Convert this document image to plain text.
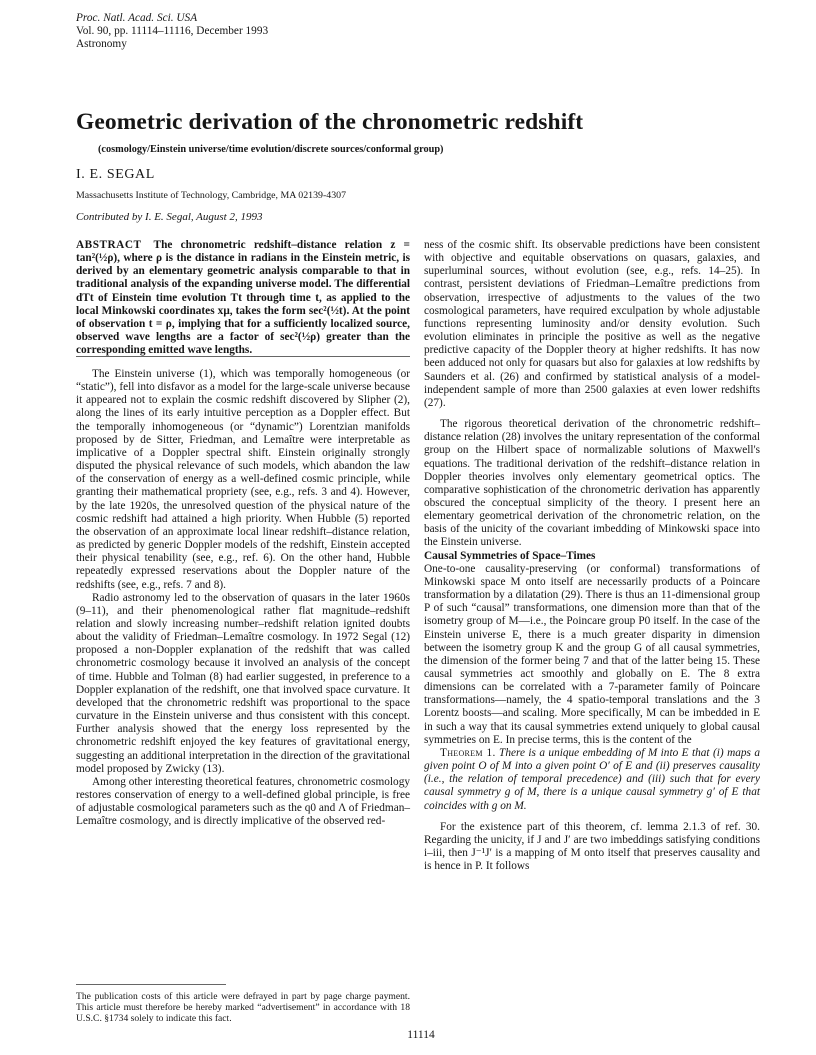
Proc. Natl. Acad. Sci. USA
Vol. 90, pp. 11114–11116, December 1993
Astronomy
Geometric derivation of the chronometric redshift
(cosmology/Einstein universe/time evolution/discrete sources/conformal group)
I. E. SEGAL
Massachusetts Institute of Technology, Cambridge, MA 02139-4307
Contributed by I. E. Segal, August 2, 1993

ABSTRACT The chronometric redshift–distance relation z = tan²(½ρ), where ρ is the distance in radians in the Einstein metric, is derived by an elementary geometric analysis comparable to that in traditional analysis of the expanding universe model. The differential dTt of Einstein time evolution Tt through time t, as applied to the local Minkowski coordinates xμ, takes the form sec²(½t). At the point of observation t = ρ, implying that for a sufficiently localized source, observed wave lengths are a factor of sec²(½ρ) greater than the corresponding emitted wave lengths.

The Einstein universe (1), which was temporally homogeneous (or “static”), fell into disfavor as a model for the large-scale universe because it appeared not to explain the cosmic redshift discovered by Slipher (2), along the lines of its early intuitive perception as a Doppler effect. But the temporally inhomogeneous (or “dynamic”) Lorentzian manifolds proposed by de Sitter, Friedman, and Lemaître were interpretable as implicative of a Doppler spectral shift. Einstein originally strongly disputed the physical relevance of such models, which abandon the law of the conservation of energy as a well-defined cosmic principle, while granting their mathematical propriety (see, e.g., refs. 3 and 4). However, by the late 1920s, the unresolved question of the physical nature of the cosmic redshift had attained a high priority. When Hubble (5) reported the observation of an approximate local linear redshift–distance relation, as predicted by generic Doppler models of the redshift, Einstein accepted their physical tenability (see, e.g., ref. 6). On the other hand, Hubble repeatedly expressed reservations about the Doppler nature of the redshifts (see, e.g., refs. 7 and 8).

Radio astronomy led to the observation of quasars in the later 1960s (9–11), and their phenomenological rather flat magnitude–redshift relation and slowly increasing number–redshift relation ignited doubts about the validity of Friedman–Lemaître cosmology. In 1972 Segal (12) proposed a non-Doppler explanation of the redshift that was called chronometric cosmology because it involved an analysis of the concept of time. Hubble and Tolman (8) had earlier suggested, in preference to a Doppler explanation of the redshift, one that involved space curvature. It developed that the chronometric redshift was proportional to the space curvature in the Einstein universe and thus consistent with this concept. Further analysis showed that the energy loss represented by the chronometric redshift enjoyed the key features of gravitational energy, suggesting an additional interpretation in the direction of the gravitational model proposed by Zwicky (13).

Among other interesting theoretical features, chronometric cosmology restores conservation of energy to a well-defined global principle, is free of adjustable cosmological parameters such as the q0 and Λ of Friedman–Lemaître cosmology, and is directly implicative of the observed red-

ness of the cosmic shift. Its observable predictions have been consistent with objective and equitable observations on quasars, galaxies, and superluminal sources, without evolution (see, e.g., refs. 14–25). In contrast, persistent deviations of Friedman–Lemaître predictions from observation, irrespective of adjustments to the values of the two cosmological parameters, have required exculpation by whole adjustable functions representing luminosity and/or density evolution. Such evolution eliminates in principle the positive as well as the negative predictive capacity of the Doppler theory at higher redshifts. It has now been adduced not only for quasars but also for galaxies at low redshifts by Saunders et al. (26) and confirmed by statistical analysis of a model-independent sample of more than 2500 galaxies at even lower redshifts (27).

The rigorous theoretical derivation of the chronometric redshift–distance relation (28) involves the unitary representation of the conformal group on the Hilbert space of normalizable solutions of Maxwell's equations. The traditional derivation of the redshift–distance relation in Doppler theories involves only elementary geometrical optics. The comparative sophistication of the chronometric derivation has apparently obscured the conceptual simplicity of the theory. I present here an elementary geometrical derivation of the chronometric relation, on the basis of the unicity of the covariant imbedding of Minkowski space into the Einstein universe.

Causal Symmetries of Space–Times

One-to-one causality-preserving (or conformal) transformations of Minkowski space M onto itself are necessarily products of a Poincare transformation by a dilatation (29). There is thus an 11-dimensional group P of such “causal” transformations, one dimension more than that of the isometry group of M—i.e., the Poincare group P0 itself. In the case of the Einstein universe E, there is a much greater disparity in dimension between the isometry group K and the group G of all causal symmetries, the dimension of the former being 7 and that of the latter being 15. These causal symmetries act smoothly and globally on E. The 8 extra dimensions can be correlated with a 7-parameter family of Poincare transformations—namely, the 4 spatio-temporal translations and the 3 Lorentz boosts—and scaling. More specifically, M can be imbedded in E in such a way that its causal symmetries extend uniquely to global causal symmetries on E. In precise terms, this is the content of the

Theorem 1. There is a unique embedding of M into E that (i) maps a given point O of M into a given point O′ of E and (ii) preserves causality (i.e., the relation of temporal precedence) and (iii) such that for every causal symmetry g of M, there is a unique causal symmetry g′ of E that coincides with g on M.

For the existence part of this theorem, cf. lemma 2.1.3 of ref. 30. Regarding the unicity, if J and J′ are two imbeddings satisfying conditions i–iii, then J⁻¹J′ is a mapping of M onto itself that preserves causality and is hence in P. It follows

The publication costs of this article were defrayed in part by page charge payment. This article must therefore be hereby marked “advertisement” in accordance with 18 U.S.C. §1734 solely to indicate this fact.
11114
